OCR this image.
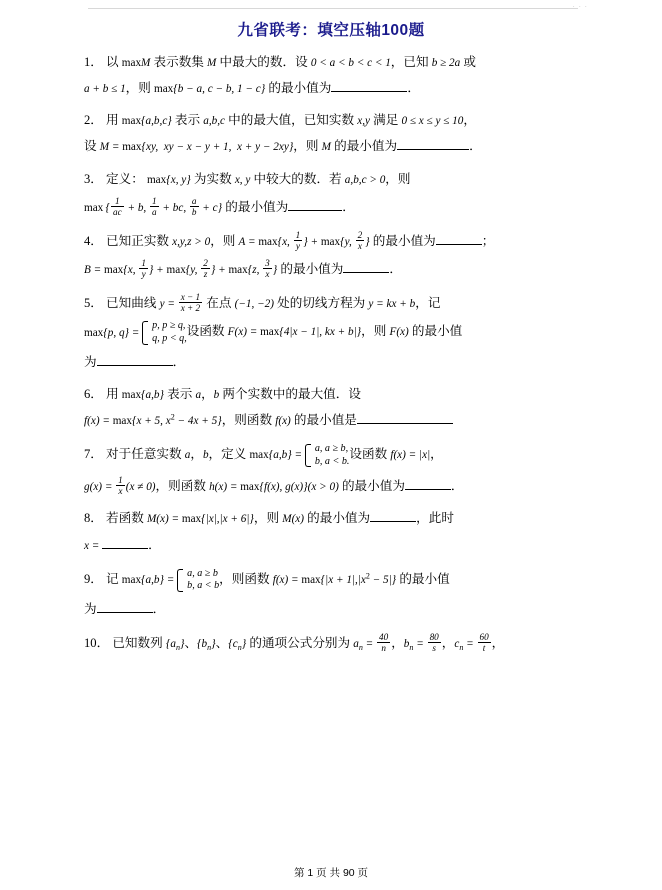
· · ·
九省联考：填空压轴100题
1． 以 maxM 表示数集 M 中最大的数．设 0 < a < b < c < 1，已知 b ≥ 2a 或
a + b ≤ 1，则 max{b − a, c − b, 1 − c} 的最小值为	．
2． 用 max{a,b,c} 表示 a,b,c 中的最大值，已知实数 x,y 满足 0 ≤ x ≤ y ≤ 10，
设 M = max{xy,  xy − x − y + 1,  x + y − 2xy}，则 M 的最小值为	．
3． 定义： max{x, y} 为实数 x, y 中较大的数．若 a,b,c > 0，则
max { $\frac{1}{ac} + b$, $\frac{1}{a}$ + bc, $\frac{a}{b} + c$} 的最小值为	．
4． 已知正实数 x,y,z > 0，则 A = max{x, $\frac{1}{y}$ } + max{y, $\frac{2}{x}$ } 的最小值为	；
B = max{x, $\frac{1}{y}$ } + max{y, $\frac{2}{z}$ } + max{z, $\frac{3}{x}$ } 的最小值为	．
5． 已知曲线 $y = \frac{x - 1}{x + 2}$ 在点 (−1, −2) 处的切线方程为 y = kx + b，记
max{p, q} =
p, p ≥ q,
q, p < q, 设函数 F(x) = max{4|x − 1|, kx + b|}，则 F(x) 的最小值
为	．
6． 用 max{a,b} 表示 a，b 两个实数中的最大值．设
f(x) = max{x + 5, $x^2 - 4x + 5$}，则函数 f(x) 的最小值是
7． 对于任意实数 a，b，定义 max{a,b} =
a, a ≥ b,
b, a < b. 设函数 f(x) = |x|，
$g(x) = \frac{1}{x} (x \ne 0)$，则函数 h(x) = max{f(x), g(x)}(x > 0) 的最小值为	．
8． 若函数 M(x) = max{|x|,|x + 6|}，则 M(x) 的最小值为	，此时
x =	．
9． 记 max{a,b} =
a, a ≥ b
b, a < b ，则函数 $f(x) = \max\{|x + 1|,|x^2 - 5|\}$ 的最小值
为	．
10． 已知数列 $\{a_n\}$、$\{b_n\}$、$\{c_n\}$ 的通项公式分别为 $a_n = \frac{40}{n}$ ，$b_n = \frac{80}{s}$ ，$c_n = \frac{60}{t}$ ，
第 1 页 共 90 页
